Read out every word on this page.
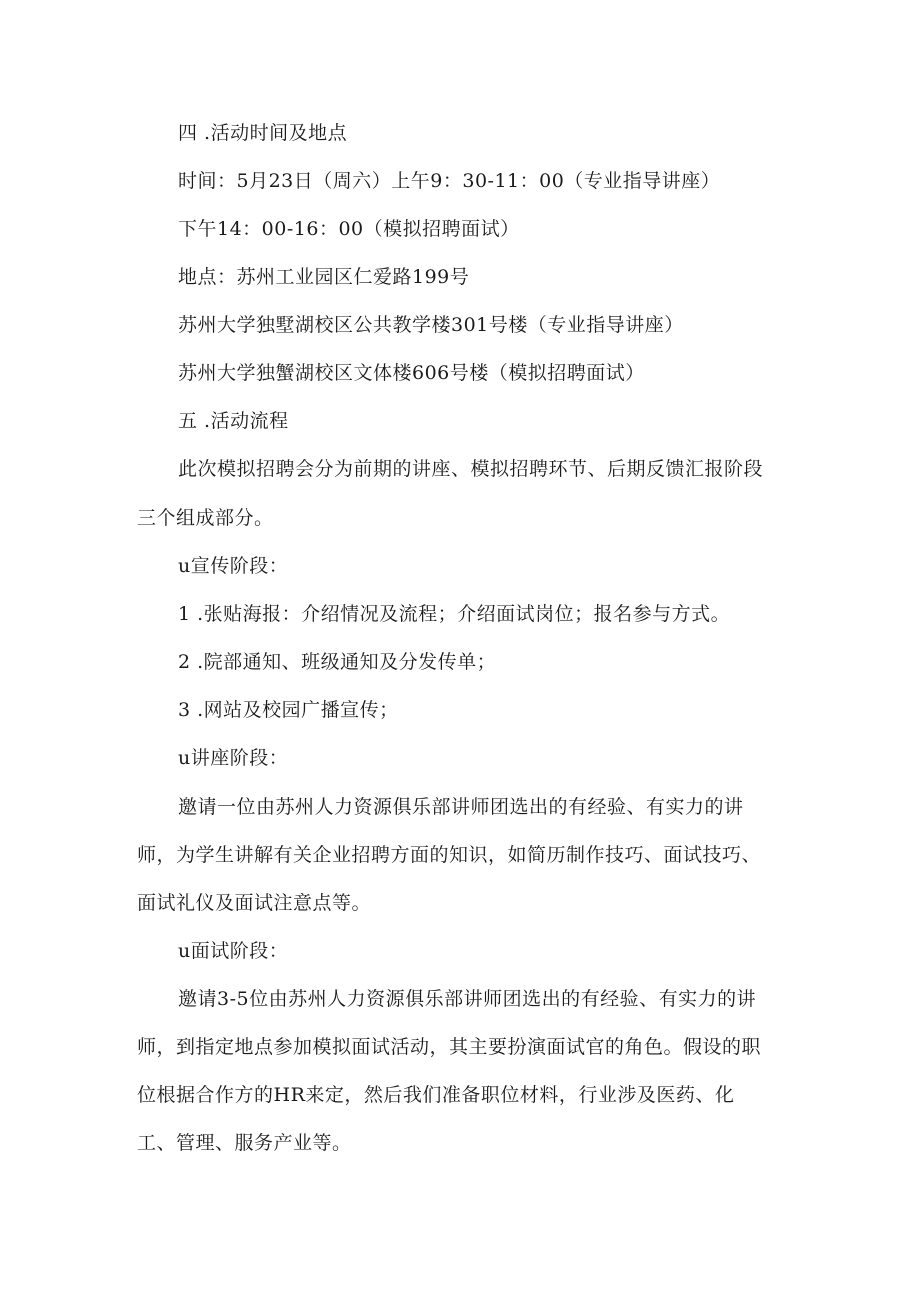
四 .活动时间及地点
时间：5月23日（周六）上午9：30-11：00（专业指导讲座）
下午14：00-16：00（模拟招聘面试）
地点：苏州工业园区仁爱路199号
苏州大学独墅湖校区公共教学楼301号楼（专业指导讲座）
苏州大学独蟹湖校区文体楼606号楼（模拟招聘面试）
五 .活动流程
此次模拟招聘会分为前期的讲座、模拟招聘环节、后期反馈汇报阶段
三个组成部分。
u宣传阶段：
1 .张贴海报：介绍情况及流程；介绍面试岗位；报名参与方式。
2 .院部通知、班级通知及分发传单；
3 .网站及校园广播宣传；
u讲座阶段：
邀请一位由苏州人力资源俱乐部讲师团选出的有经验、有实力的讲
师，为学生讲解有关企业招聘方面的知识，如简历制作技巧、面试技巧、
面试礼仪及面试注意点等。
u面试阶段：
邀请3-5位由苏州人力资源俱乐部讲师团选出的有经验、有实力的讲
师，到指定地点参加模拟面试活动，其主要扮演面试官的角色。假设的职
位根据合作方的HR来定，然后我们准备职位材料，行业涉及医药、化
工、管理、服务产业等。
